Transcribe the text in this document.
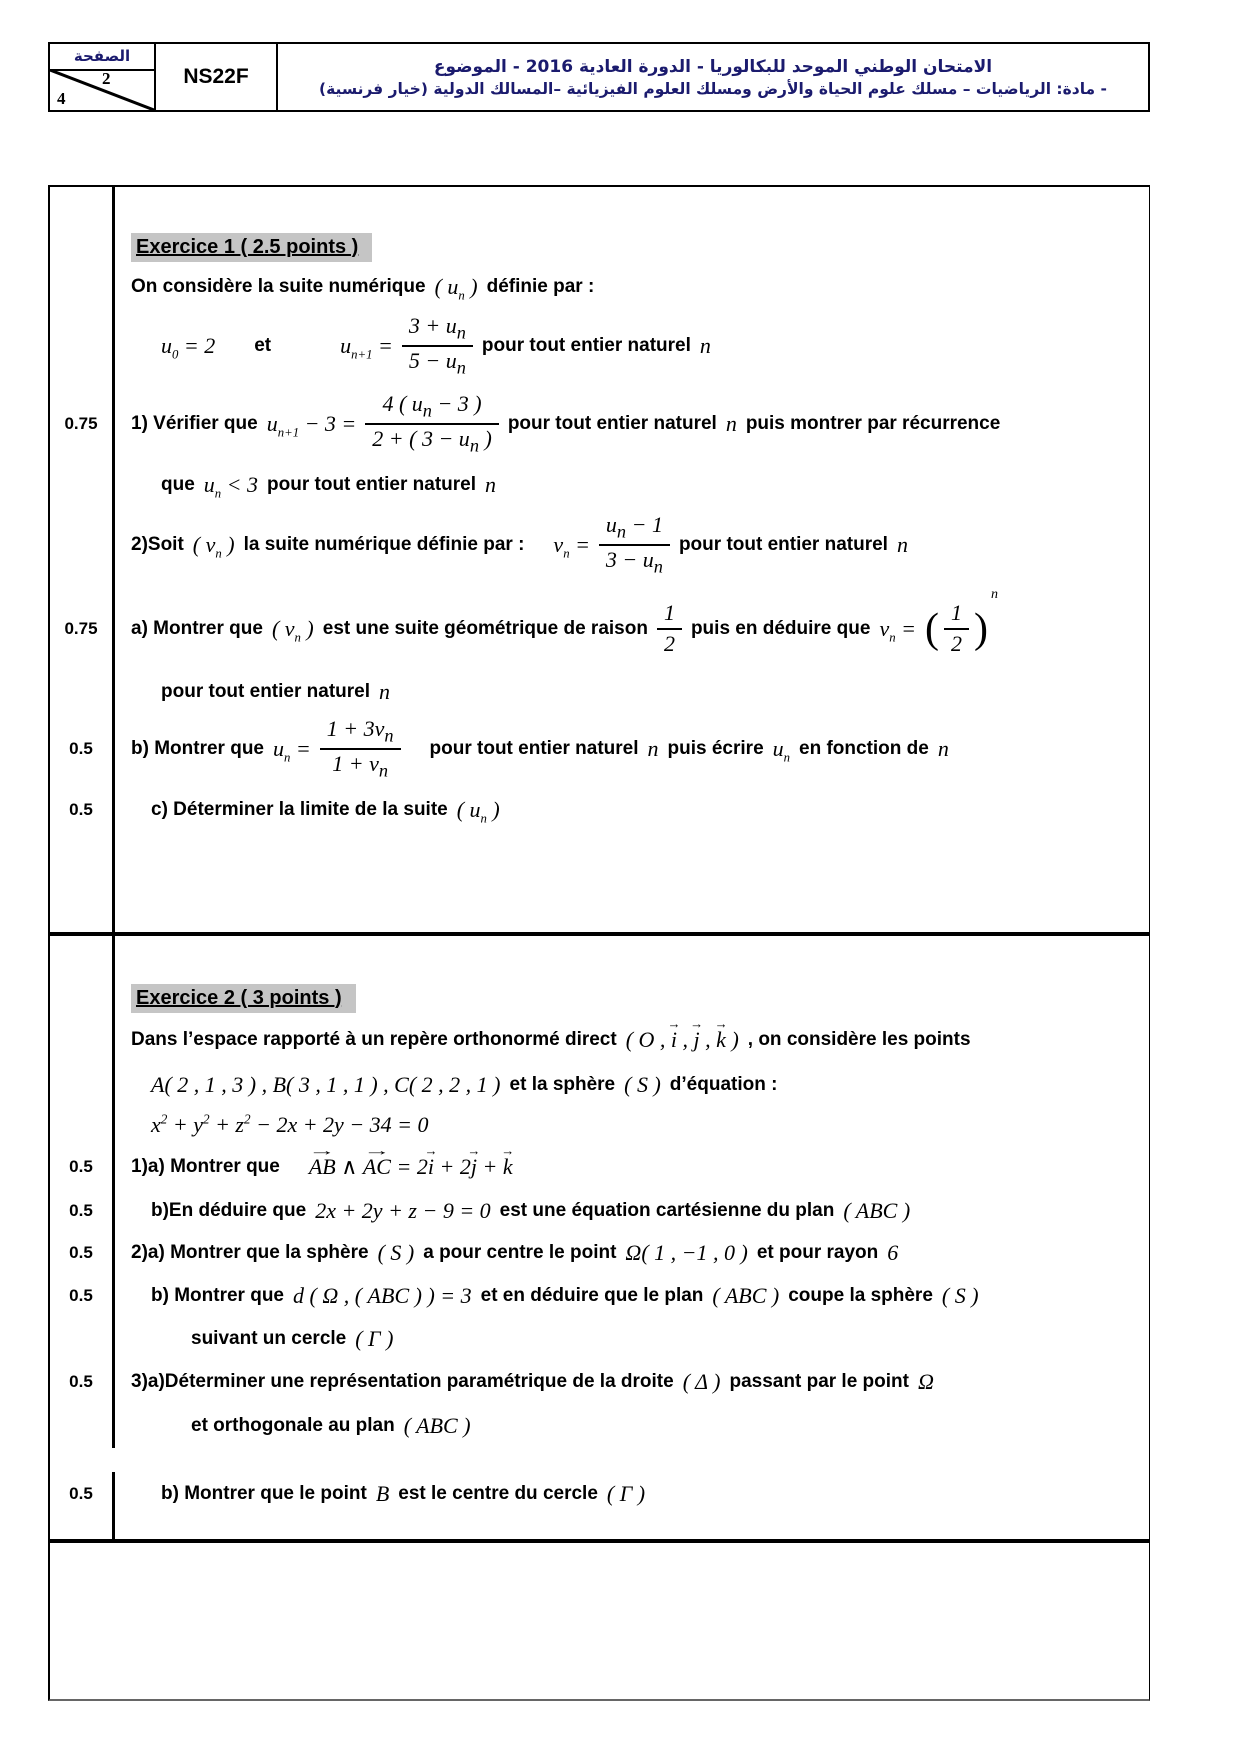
الصفحة
2
4
NS22F	الامتحان الوطني الموحد للبكالوريا - الدورة العادية 2016 - الموضوع
- مادة: الرياضيات – مسلك علوم الحياة والأرض ومسلك العلوم الفيزيائية –المسالك الدولية (خيار فرنسية)
Exercice 1 ( 2.5 points )
On considère la suite numérique ( $u_n$ ) définie par :
$u_0 = 2$ et	$u_{n+1} = \frac{3 + u_n}{5 - u_n}$ pour tout entier naturel n
0.75	1) Vérifier que $u_{n+1} - 3 = \frac{4 ( u_n - 3 )}{2 + ( 3 - u_n )}$ pour tout entier naturel n puis montrer par récurrence
que $u_n < 3$ pour tout entier naturel n
2)Soit ( $v_n$ ) la suite numérique définie par : $v_n = \frac{u_n - 1}{3 - u_n}$ pour tout entier naturel n
0.75	a) Montrer que ( $v_n$ ) est une suite géométrique de raison $\frac{1}{2}$ puis en déduire que $v_n$ = ( $\frac{1}{2}$ )
n
pour tout entier naturel n
0.5	b) Montrer que $u_n = \frac{1 + 3v_n}{1 + v_n}$ pour tout entier naturel n puis écrire $u_n$ en fonction de n
0.5	c) Déterminer la limite de la suite ( $u_n$ )
Exercice 2 ( 3 points )
Dans l’espace rapporté à un repère orthonormé direct ( O , i → , j → , k → ) , on considère les points
A( 2 , 1 , 3 ) , B( 3 , 1 , 1 ) , C( 2 , 2 , 1 ) et la sphère ( S ) d’équation :
$x^2 + y^2 + z^2 - 2x + 2y - 34 = 0$
0.5	1)a) Montrer que AB → ∧ AC → = 2i → + 2j → + k →
0.5	b)En déduire que 2x + 2y + z − 9 = 0 est une équation cartésienne du plan ( ABC )
0.5	2)a) Montrer que la sphère ( S ) a pour centre le point Ω( 1 , −1 , 0 ) et pour rayon 6
0.5	b) Montrer que d ( Ω , ( ABC ) ) = 3 et en déduire que le plan ( ABC ) coupe la sphère ( S )
suivant un cercle ( Γ )
0.5	3)a)Déterminer une représentation paramétrique de la droite ( Δ ) passant par le point Ω
et orthogonale au plan ( ABC )
0.5	b) Montrer que le point B est le centre du cercle ( Γ )
